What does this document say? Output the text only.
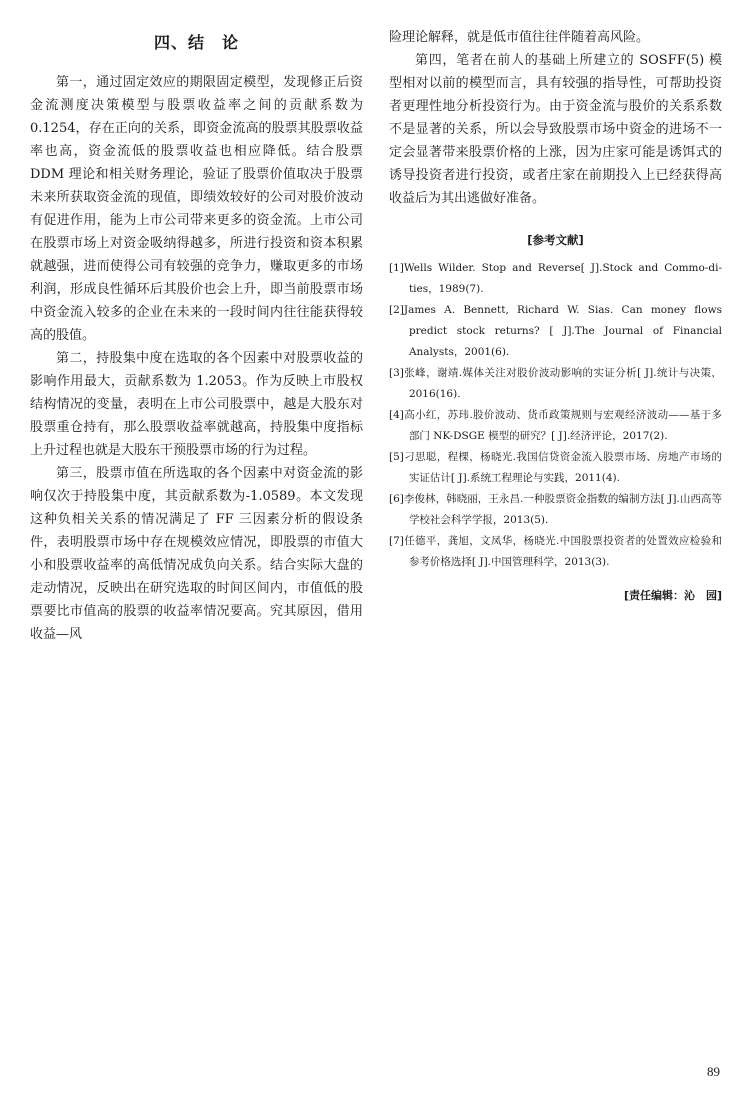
四、结　论

第一，通过固定效应的期限固定模型，发现修正后资金流测度决策模型与股票收益率之间的贡献系数为 0.1254，存在正向的关系，即资金流高的股票其股票收益率也高，资金流低的股票收益也相应降低。结合股票 DDM 理论和相关财务理论，验证了股票价值取决于股票未来所获取资金流的现值，即绩效较好的公司对股价波动有促进作用，能为上市公司带来更多的资金流。上市公司在股票市场上对资金吸纳得越多，所进行投资和资本积累就越强，进而使得公司有较强的竞争力，赚取更多的市场利润，形成良性循环后其股价也会上升，即当前股票市场中资金流入较多的企业在未来的一段时间内往往能获得较高的股值。

第二，持股集中度在选取的各个因素中对股票收益的影响作用最大，贡献系数为 1.2053。作为反映上市股权结构情况的变量，表明在上市公司股票中，越是大股东对股票重仓持有，那么股票收益率就越高，持股集中度指标上升过程也就是大股东干预股票市场的行为过程。

第三，股票市值在所选取的各个因素中对资金流的影响仅次于持股集中度，其贡献系数为-1.0589。本文发现这种负相关关系的情况满足了 FF 三因素分析的假设条件，表明股票市场中存在规模效应情况，即股票的市值大小和股票收益率的高低情况成负向关系。结合实际大盘的走动情况，反映出在研究选取的时间区间内，市值低的股票要比市值高的股票的收益率情况要高。究其原因，借用收益—风

险理论解释，就是低市值往往伴随着高风险。

第四，笔者在前人的基础上所建立的 SOSFF(5) 模型相对以前的模型而言，具有较强的指导性，可帮助投资者更理性地分析投资行为。由于资金流与股价的关系系数不是显著的关系，所以会导致股票市场中资金的进场不一定会显著带来股票价格的上涨，因为庄家可能是诱饵式的诱导投资者进行投资，或者庄家在前期投入上已经获得高收益后为其出逃做好准备。

[参考文献]
[1]Wells Wilder. Stop and Reverse[ J].Stock and Commo-di-ties，1989(7).
[2]James A. Bennett, Richard W. Sias. Can money flows predict stock returns? [ J].The Journal of Financial Analysts，2001(6).
[3]张峰，谢靖.媒体关注对股价波动影响的实证分析[ J].统计与决策，2016(16).
[4]高小红，苏玮.股价波动、货币政策规则与宏观经济波动——基于多部门 NK-DSGE 模型的研究？[ J].经济评论，2017(2).
[5]刁思聪，程棵，杨晓光.我国信贷资金流入股票市场、房地产市场的实证估计[ J].系统工程理论与实践，2011(4).
[6]李俊林，韩晓丽，王永昌.一种股票资金指数的编制方法[ J].山西高等学校社会科学学报，2013(5).
[7]任德平，龚旭，文凤华，杨晓光.中国股票投资者的处置效应检验和参考价格选择[ J].中国管理科学，2013(3).
[责任编辑：沁　园]
89
